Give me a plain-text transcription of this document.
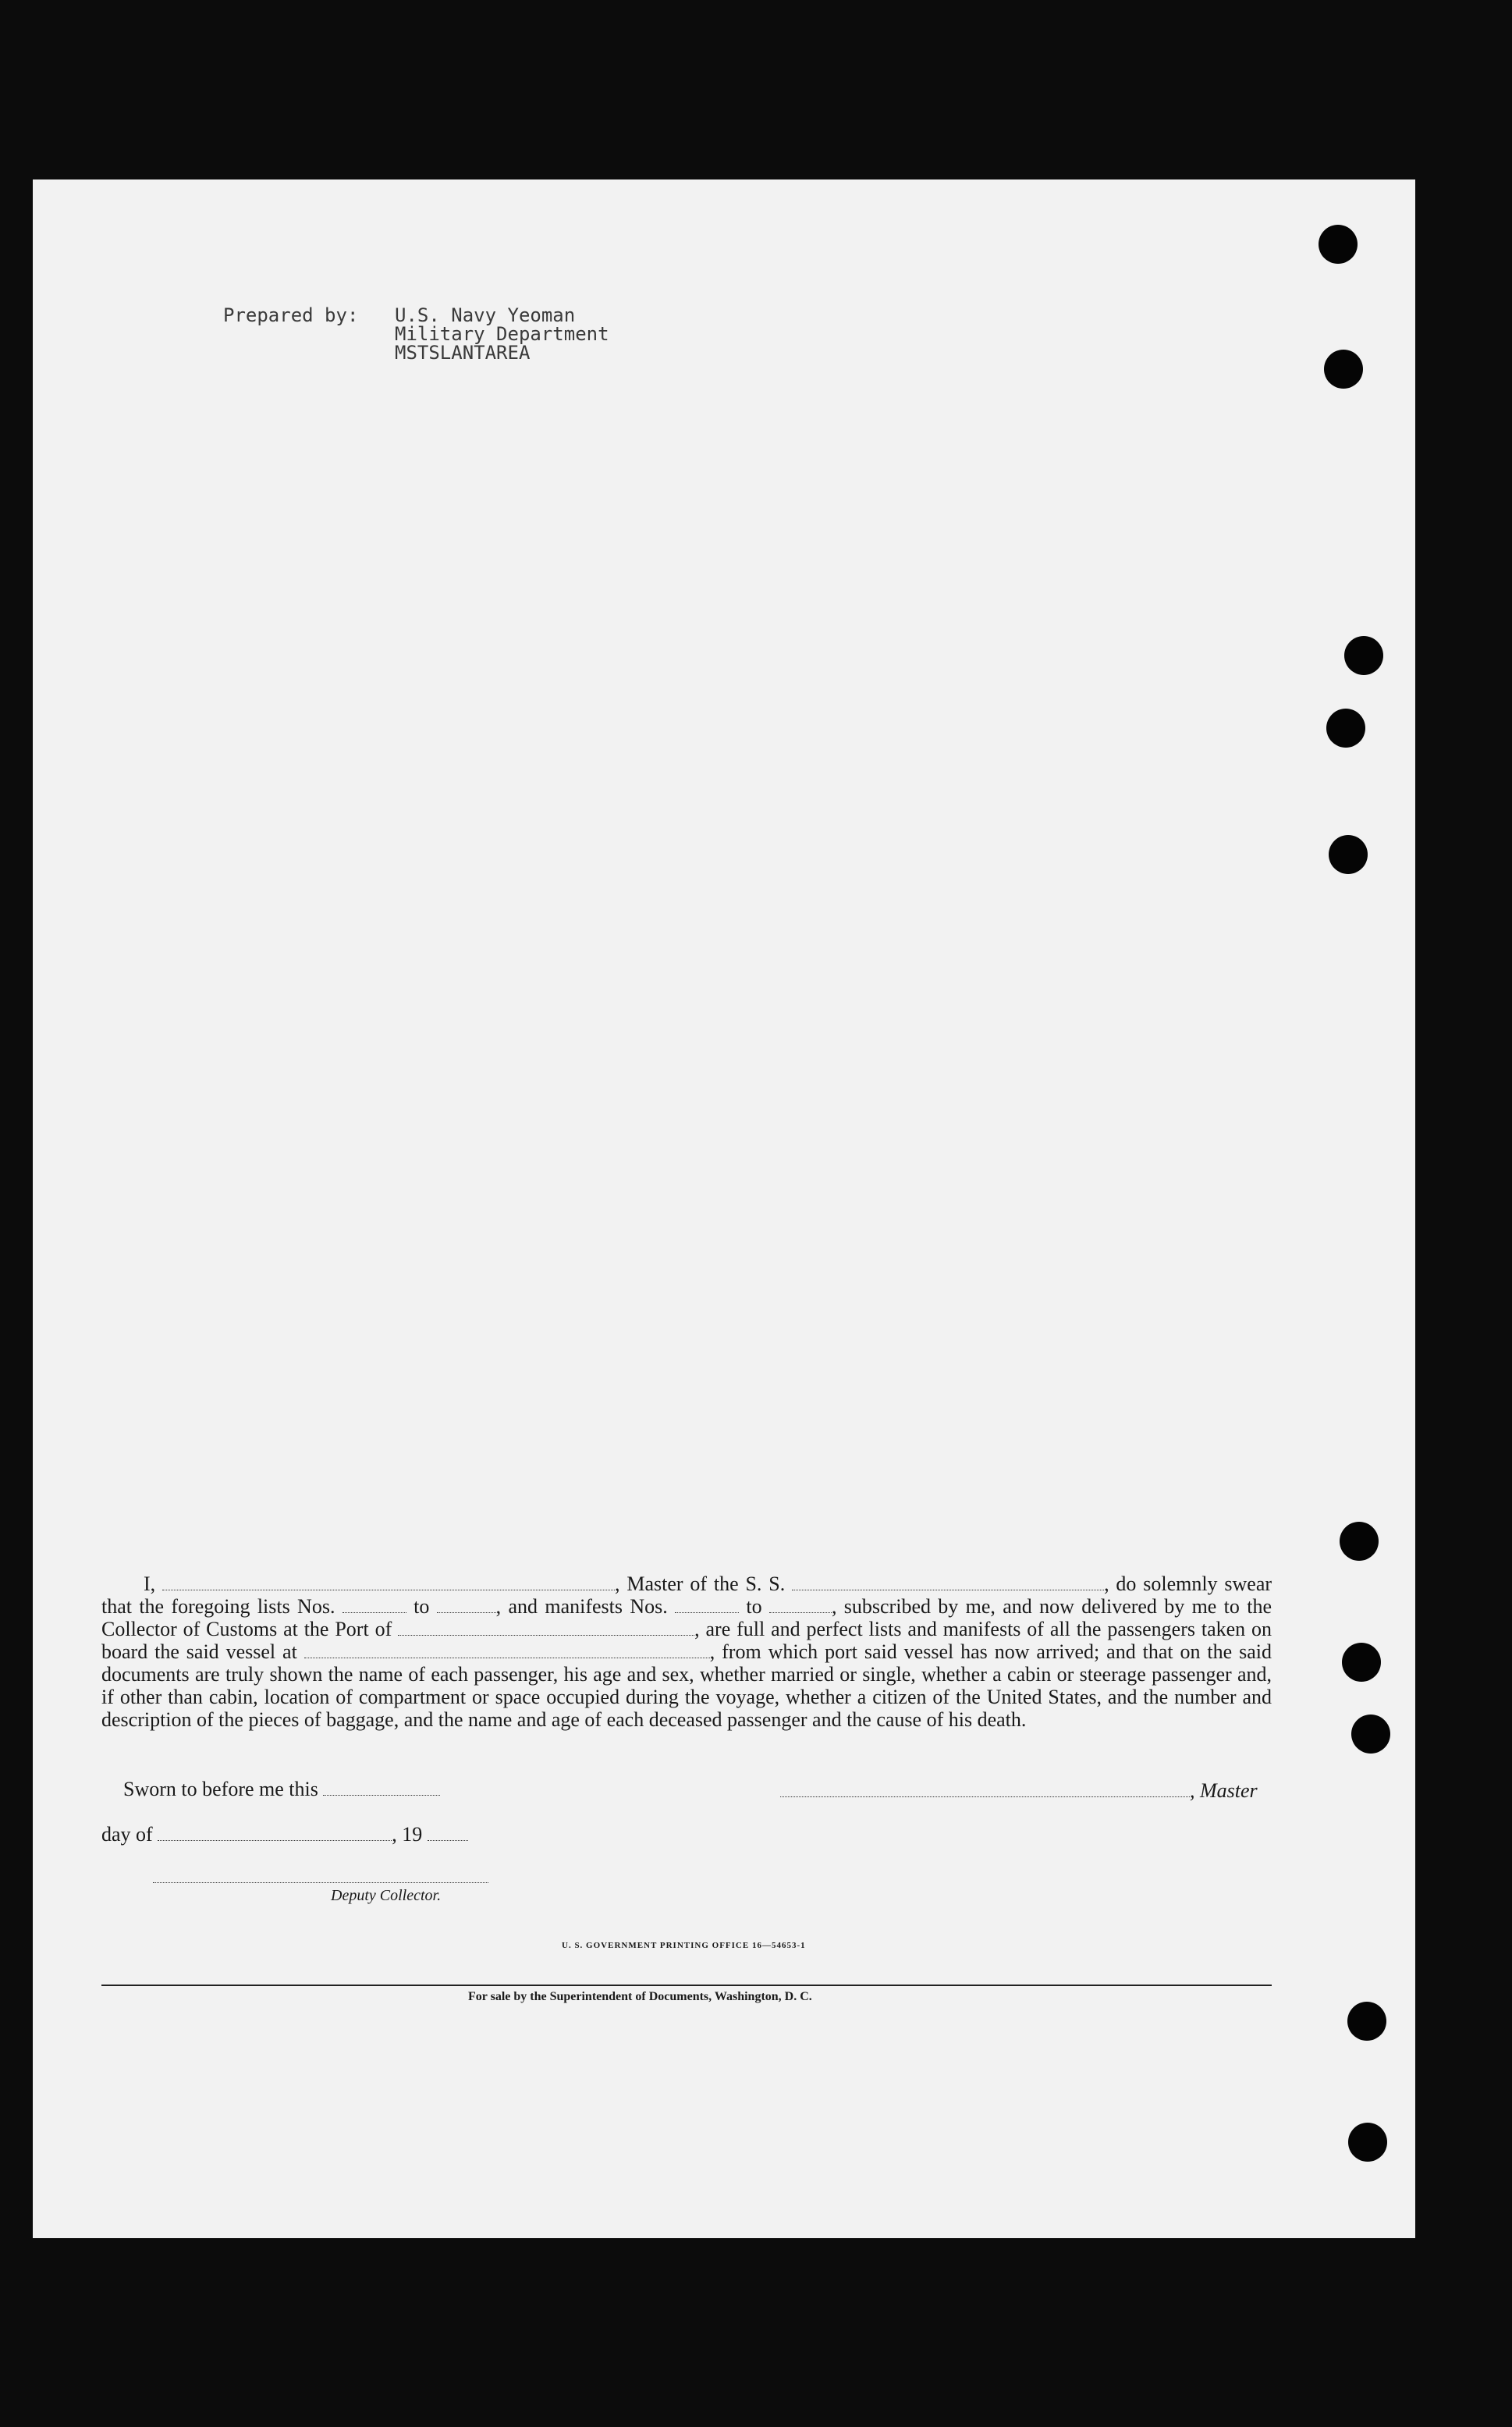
Prepared by: U.S. Navy Yeoman
Military Department
MSTSLANTAREA

I,	, Master of the S. S.	, do solemnly swear that the foregoing lists Nos.	to	, and manifests Nos.	to	, subscribed by me, and now delivered by me to the Collector of Customs at the Port of	, are full and perfect lists and manifests of all the passengers taken on board the said vessel at	, from which port said vessel has now arrived; and that on the said documents are truly shown the name of each passenger, his age and sex, whether married or single, whether a cabin or steerage passenger and, if other than cabin, location of compartment or space occupied during the voyage, whether a citizen of the United States, and the number and description of the pieces of baggage, and the name and age of each deceased passenger and the cause of his death.

Sworn to before me this	, Master
day of	, 19
Deputy Collector.
U. S. GOVERNMENT PRINTING OFFICE 16—54653-1
For sale by the Superintendent of Documents, Washington, D. C.
